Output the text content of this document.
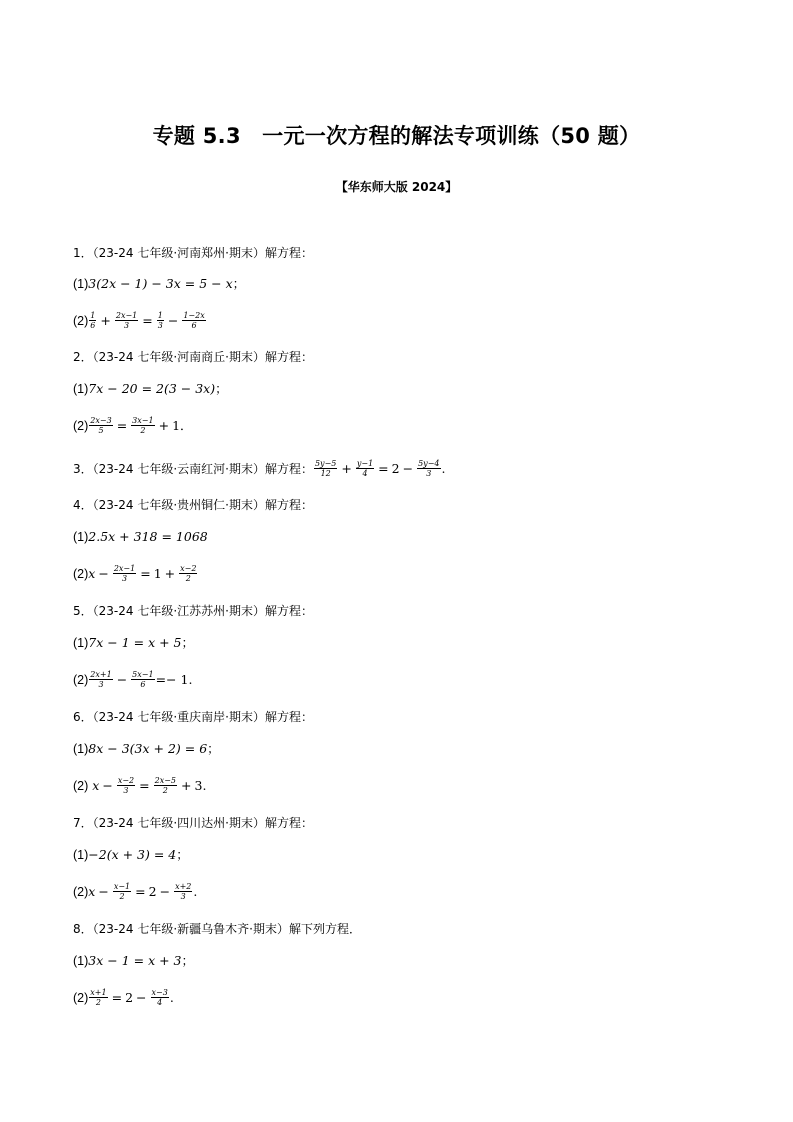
专题 5.3　一元一次方程的解法专项训练（50 题）
【华东师大版 2024】
1．（23-24 七年级·河南郑州·期末）解方程：
(1)3(2x − 1) − 3x = 5 − x；
$(2) \frac{1}{6} + \frac{2x-1}{3} = \frac{1}{3} - \frac{1-2x}{6}$
2．（23-24 七年级·河南商丘·期末）解方程：
(1)7x − 20 = 2(3 − 3x)；
$(2) \frac{2x-3}{5} = \frac{3x-1}{2} + 1$．
3．（23-24 七年级·云南红河·期末）解方程： $\frac{5y-5}{12} + \frac{y-1}{4} = 2 - \frac{5y-4}{3}$ .
4．（23-24 七年级·贵州铜仁·期末）解方程：
(1)2.5x + 318 = 1068
$(2)x - \frac{2x-1}{3} = 1 + \frac{x-2}{2}$
5．（23-24 七年级·江苏苏州·期末）解方程：
(1)7x − 1 = x + 5；
$(2) \frac{2x+1}{3} - \frac{5x-1}{6} =- 1$.
6．（23-24 七年级·重庆南岸·期末）解方程：
(1)8x − 3(3x + 2) = 6；
(2) $x - \frac{x-2}{3} = \frac{2x-5}{2} + 3$.
7．（23-24 七年级·四川达州·期末）解方程：
(1)−2(x + 3) = 4；
$(2)x - \frac{x-1}{2} = 2 - \frac{x+2}{3}$ .
8．（23-24 七年级·新疆乌鲁木齐·期末）解下列方程．
(1)3x − 1 = x + 3；
$(2) \frac{x+1}{2} = 2 - \frac{x-3}{4}$ .
